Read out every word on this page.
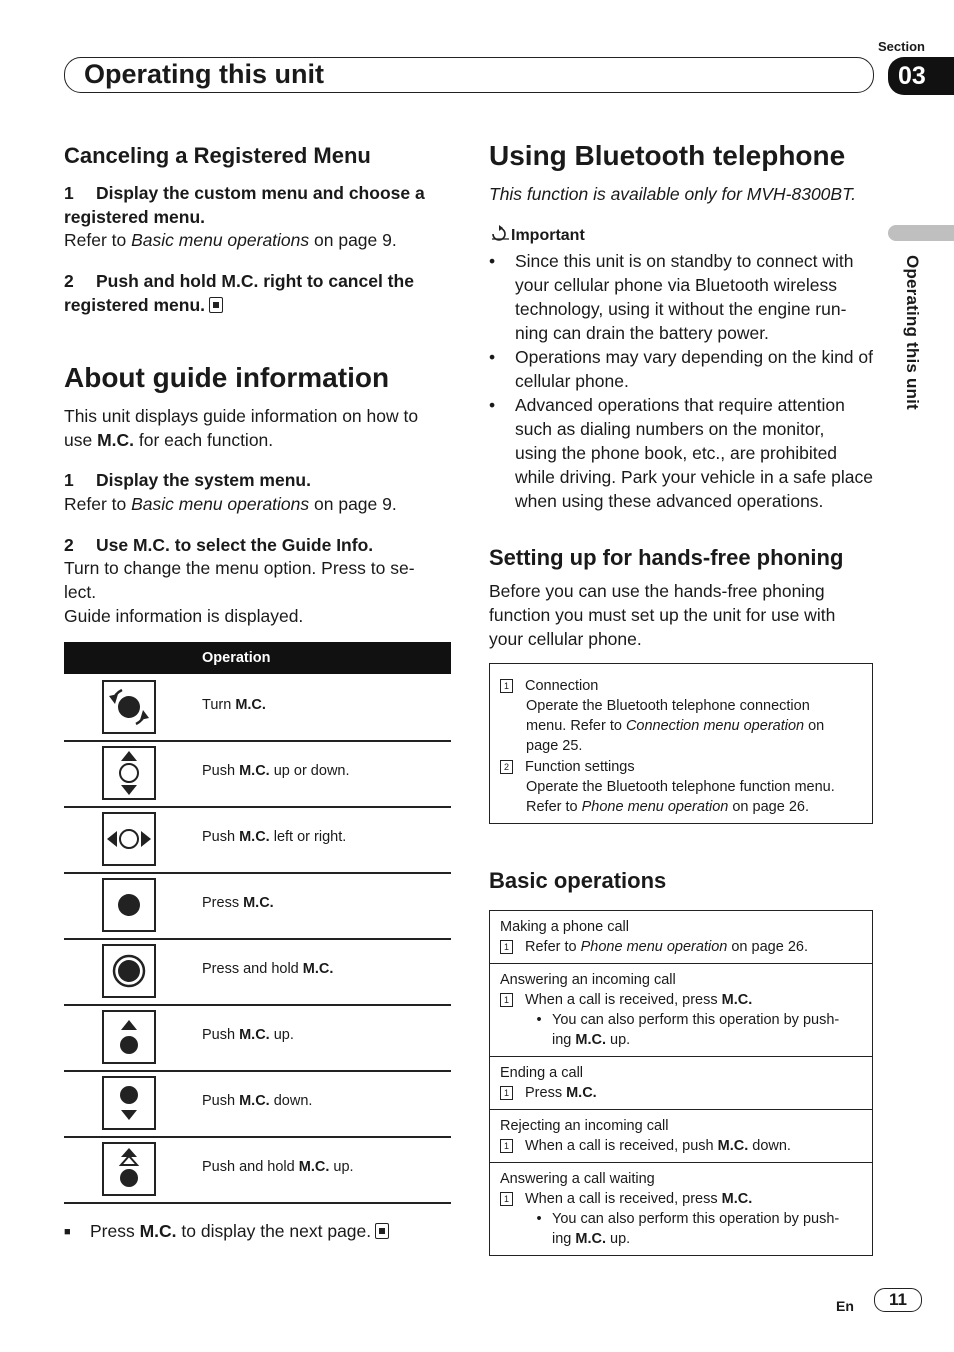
Section
Operating this unit	03
Operating this unit
Canceling a Registered Menu
1 Display the custom menu and choose a
registered menu.
Refer to Basic menu operations on page 9.
2 Push and hold M.C. right to cancel the
registered menu.
About guide information
This unit displays guide information on how to
use M.C. for each function.
1 Display the system menu.
Refer to Basic menu operations on page 9.
2 Use M.C. to select the Guide Info.
Turn to change the menu option. Press to se-
lect.
Guide information is displayed.
Operation
Turn M.C.
Push M.C. up or down.
Push M.C. left or right.
Press M.C.
Press and hold M.C.
Push M.C. up.
Push M.C. down.
Push and hold M.C. up.
■ Press M.C. to display the next page.
Using Bluetooth telephone
This function is available only for MVH-8300BT.
Important
•	Since this unit is on standby to connect with
your cellular phone via Bluetooth wireless
technology, using it without the engine run-
ning can drain the battery power.
•	Operations may vary depending on the kind of
cellular phone.
•	Advanced operations that require attention
such as dialing numbers on the monitor,
using the phone book, etc., are prohibited
while driving. Park your vehicle in a safe place
when using these advanced operations.
Setting up for hands-free phoning
Before you can use the hands-free phoning
function you must set up the unit for use with
your cellular phone.
1 Connection
Operate the Bluetooth telephone connection
menu. Refer to Connection menu operation on
page 25.
2 Function settings
Operate the Bluetooth telephone function menu.
Refer to Phone menu operation on page 26.
Basic operations
Making a phone call
1 Refer to Phone menu operation on page 26.
Answering an incoming call
1 When a call is received, press M.C.
• You can also perform this operation by push-
ing M.C. up.
Ending a call
1 Press M.C.
Rejecting an incoming call
1 When a call is received, push M.C. down.
Answering a call waiting
1 When a call is received, press M.C.
• You can also perform this operation by push-
ing M.C. up.
En	11
